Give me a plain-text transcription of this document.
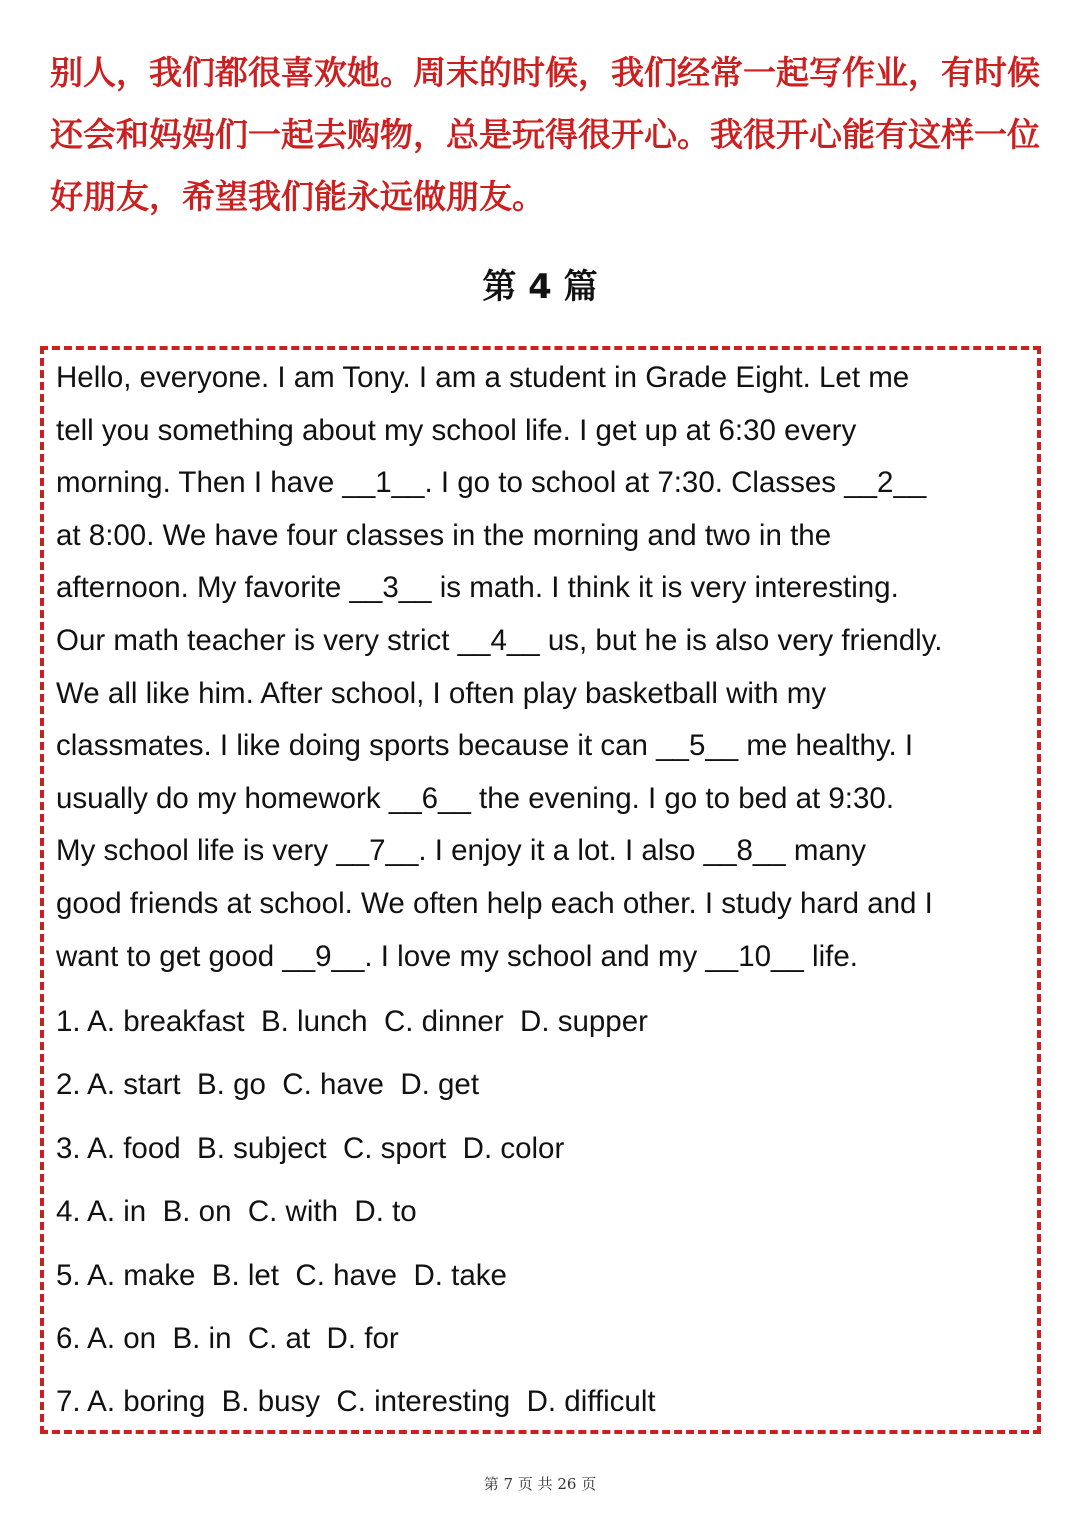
别人，我们都很喜欢她。周末的时候，我们经常一起写作业，有时候还会和妈妈们一起去购物，总是玩得很开心。我很开心能有这样一位好朋友，希望我们能永远做朋友。

第 4 篇
Hello, everyone. I am Tony. I am a student in Grade Eight. Let me
tell you something about my school life. I get up at 6:30 every
morning. Then I have __1__. I go to school at 7:30. Classes __2__
at 8:00. We have four classes in the morning and two in the
afternoon. My favorite __3__ is math. I think it is very interesting.
Our math teacher is very strict __4__ us, but he is also very friendly.
We all like him. After school, I often play basketball with my
classmates. I like doing sports because it can __5__ me healthy. I
usually do my homework __6__ the evening. I go to bed at 9:30.
My school life is very __7__. I enjoy it a lot. I also __8__ many
good friends at school. We often help each other. I study hard and I
want to get good __9__. I love my school and my __10__ life.
1. A. breakfast  B. lunch  C. dinner  D. supper
2. A. start  B. go  C. have  D. get
3. A. food  B. subject  C. sport  D. color
4. A. in  B. on  C. with  D. to
5. A. make  B. let  C. have  D. take
6. A. on  B. in  C. at  D. for
7. A. boring  B. busy  C. interesting  D. difficult
第 7 页 共 26 页
